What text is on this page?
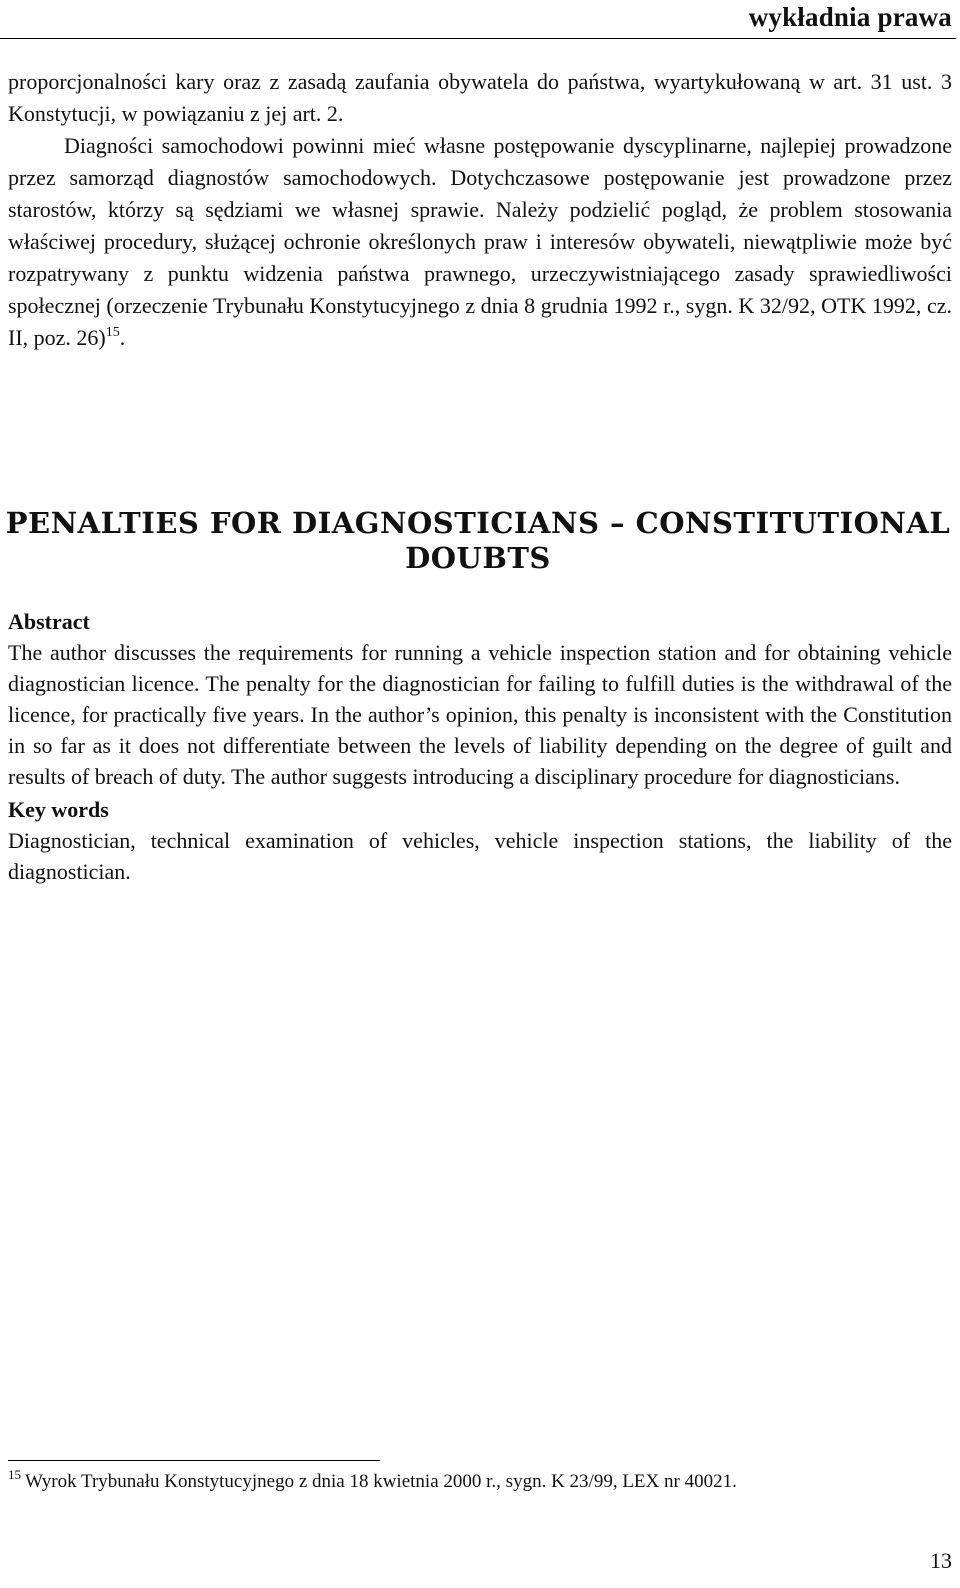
wykładnia prawa

proporcjonalności kary oraz z zasadą zaufania obywatela do państwa, wyartykułowaną w art. 31 ust. 3 Konstytucji, w powiązaniu z jej art. 2.

Diagności samochodowi powinni mieć własne postępowanie dyscyplinarne, najlepiej prowadzone przez samorząd diagnostów samochodowych. Dotychczasowe postępowanie jest prowadzone przez starostów, którzy są sędziami we własnej sprawie. Należy podzielić pogląd, że problem stosowania właściwej procedury, służącej ochronie określonych praw i interesów obywateli, niewątpliwie może być rozpatrywany z punktu widzenia państwa prawnego, urzeczywistniającego zasady sprawiedliwości społecznej (orzeczenie Trybunału Konstytucyjnego z dnia 8 grudnia 1992 r., sygn. K 32/92, OTK 1992, cz. II, poz. 26)$^{15}$.

PENALTIES FOR DIAGNOSTICIANS – CONSTITUTIONAL
DOUBTS
Abstract

The author discusses the requirements for running a vehicle inspection station and for obtaining vehicle diagnostician licence. The penalty for the diagnostician for failing to fulfill duties is the withdrawal of the licence, for practically five years. In the author’s opinion, this penalty is inconsistent with the Constitution in so far as it does not differentiate between the levels of liability depending on the degree of guilt and results of breach of duty. The author suggests introducing a disciplinary procedure for diagnosticians.

Key words

Diagnostician, technical examination of vehicles, vehicle inspection stations, the liability of the diagnostician.

$^{15}$ Wyrok Trybunału Konstytucyjnego z dnia 18 kwietnia 2000 r., sygn. K 23/99, LEX nr 40021.
13
